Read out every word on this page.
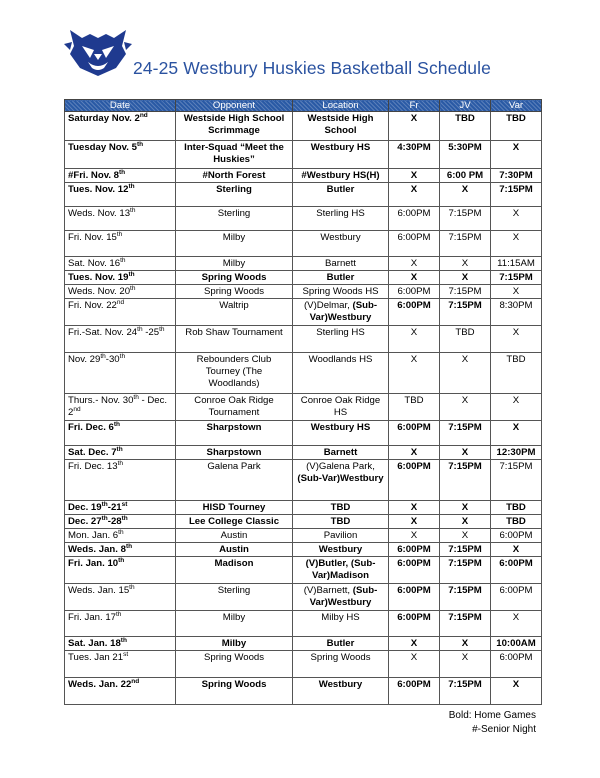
24-25 Westbury Huskies Basketball Schedule
Date	Opponent	Location	Fr	JV	Var
Saturday Nov. 2nd	Westside High School Scrimmage	Westside High School	X	TBD	TBD
Tuesday Nov. 5th	Inter-Squad “Meet the Huskies”	Westbury HS	4:30PM	5:30PM	X
#Fri. Nov. 8th	#North Forest	#Westbury HS(H)	X	6:00 PM	7:30PM
Tues. Nov. 12th	Sterling	Butler	X	X	7:15PM
Weds. Nov. 13th	Sterling	Sterling HS	6:00PM	7:15PM	X
Fri. Nov. 15th	Milby	Westbury	6:00PM	7:15PM	X
Sat. Nov. 16th	Milby	Barnett	X	X	11:15AM
Tues. Nov. 19th	Spring Woods	Butler	X	X	7:15PM
Weds. Nov. 20th	Spring Woods	Spring Woods HS	6:00PM	7:15PM	X
Fri. Nov. 22nd	Waltrip	(V)Delmar, (Sub-Var)Westbury	6:00PM	7:15PM	8:30PM
Fri.-Sat. Nov. 24th -25th	Rob Shaw Tournament	Sterling HS	X	TBD	X
Nov. 29th-30th	Rebounders Club Tourney (The Woodlands)	Woodlands HS	X	X	TBD
Thurs.- Nov. 30th - Dec. 2nd	Conroe Oak Ridge Tournament	Conroe Oak Ridge HS	TBD	X	X
Fri. Dec. 6th	Sharpstown	Westbury HS	6:00PM	7:15PM	X
Sat. Dec. 7th	Sharpstown	Barnett	X	X	12:30PM
Fri. Dec. 13th	Galena Park	(V)Galena Park, (Sub-Var)Westbury	6:00PM	7:15PM	7:15PM
Dec. 19th-21st	HISD Tourney	TBD	X	X	TBD
Dec. 27th-28th	Lee College Classic	TBD	X	X	TBD
Mon. Jan. 6th	Austin	Pavilion	X	X	6:00PM
Weds. Jan. 8th	Austin	Westbury	6:00PM	7:15PM	X
Fri. Jan. 10th	Madison	(V)Butler, (Sub-Var)Madison	6:00PM	7:15PM	6:00PM
Weds. Jan. 15th	Sterling	(V)Barnett, (Sub-Var)Westbury	6:00PM	7:15PM	6:00PM
Fri. Jan. 17th	Milby	Milby HS	6:00PM	7:15PM	X
Sat. Jan. 18th	Milby	Butler	X	X	10:00AM
Tues. Jan 21st	Spring Woods	Spring Woods	X	X	6:00PM
Weds. Jan. 22nd	Spring Woods	Westbury	6:00PM	7:15PM	X
Bold: Home Games
#-Senior Night
